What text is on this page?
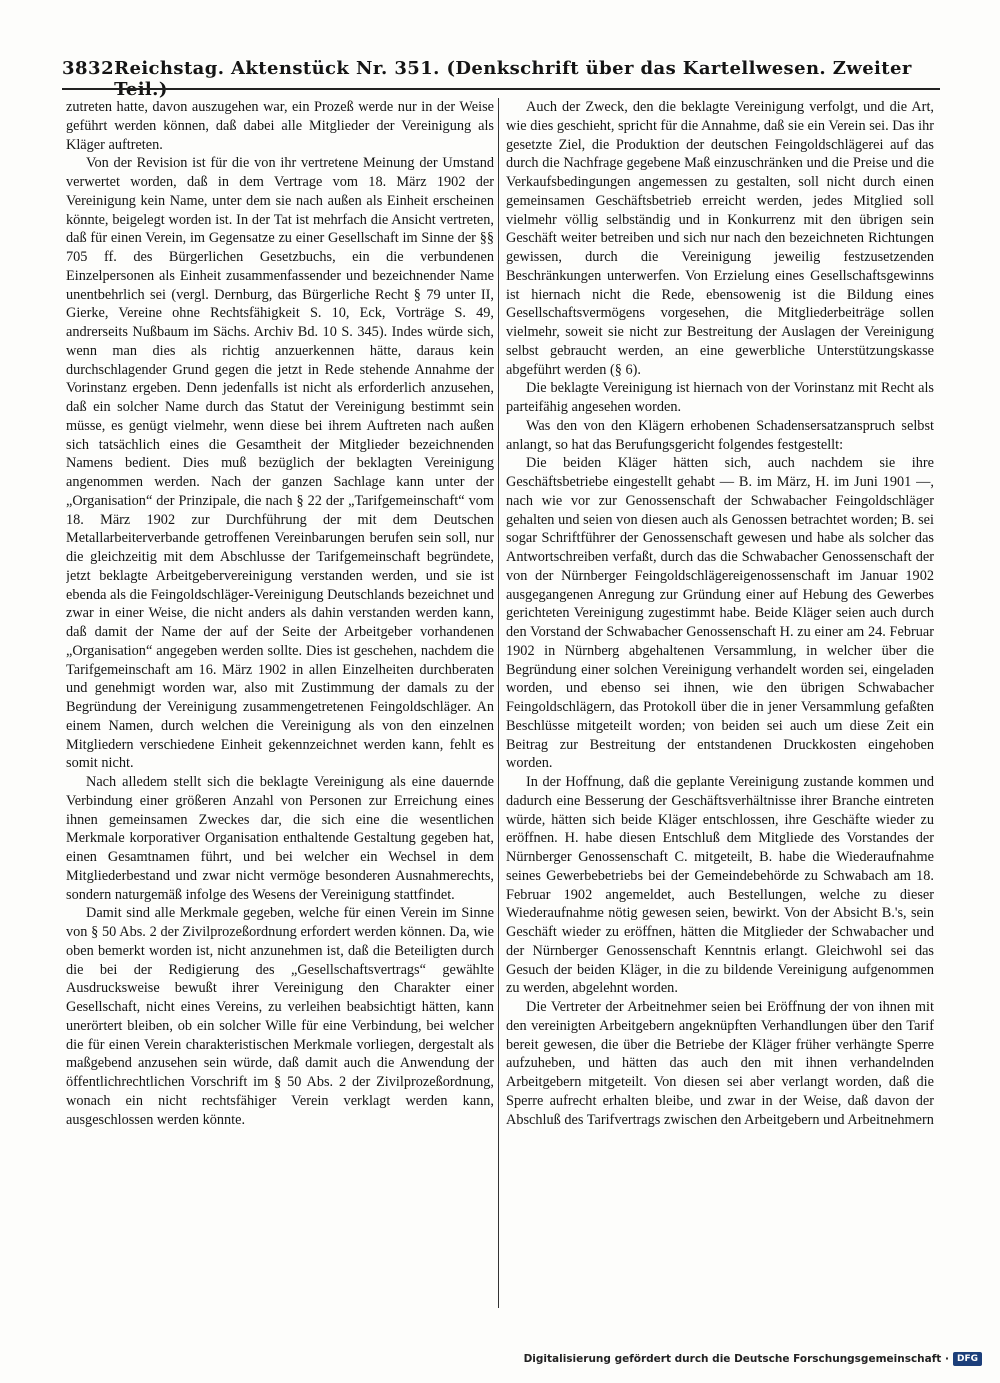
3832 Reichstag. Aktenstück Nr. 351. (Denkschrift über das Kartellwesen. Zweiter Teil.)

zutreten hatte, davon auszugehen war, ein Prozeß werde nur in der Weise geführt werden können, daß dabei alle Mitglieder der Vereinigung als Kläger auftreten.

Von der Revision ist für die von ihr vertretene Meinung der Umstand verwertet worden, daß in dem Vertrage vom 18. März 1902 der Vereinigung kein Name, unter dem sie nach außen als Einheit erscheinen könnte, beigelegt worden ist. In der Tat ist mehrfach die Ansicht vertreten, daß für einen Verein, im Gegensatze zu einer Gesellschaft im Sinne der §§ 705 ff. des Bürgerlichen Gesetzbuchs, ein die verbundenen Einzelpersonen als Einheit zusammenfassender und bezeichnender Name unentbehrlich sei (vergl. Dernburg, das Bürgerliche Recht § 79 unter II, Gierke, Vereine ohne Rechtsfähigkeit S. 10, Eck, Vorträge S. 49, andrerseits Nußbaum im Sächs. Archiv Bd. 10 S. 345). Indes würde sich, wenn man dies als richtig anzuerkennen hätte, daraus kein durchschlagender Grund gegen die jetzt in Rede stehende Annahme der Vorinstanz ergeben. Denn jedenfalls ist nicht als erforderlich anzusehen, daß ein solcher Name durch das Statut der Vereinigung bestimmt sein müsse, es genügt vielmehr, wenn diese bei ihrem Auftreten nach außen sich tatsächlich eines die Gesamtheit der Mitglieder bezeichnenden Namens bedient. Dies muß bezüglich der beklagten Vereinigung angenommen werden. Nach der ganzen Sachlage kann unter der „Organisation“ der Prinzipale, die nach § 22 der „Tarifgemeinschaft“ vom 18. März 1902 zur Durchführung der mit dem Deutschen Metallarbeiterverbande getroffenen Vereinbarungen berufen sein soll, nur die gleichzeitig mit dem Abschlusse der Tarifgemeinschaft begründete, jetzt beklagte Arbeitgebervereinigung verstanden werden, und sie ist ebenda als die Feingoldschläger-Vereinigung Deutschlands bezeichnet und zwar in einer Weise, die nicht anders als dahin verstanden werden kann, daß damit der Name der auf der Seite der Arbeitgeber vorhandenen „Organisation“ angegeben werden sollte. Dies ist geschehen, nachdem die Tarifgemeinschaft am 16. März 1902 in allen Einzelheiten durchberaten und genehmigt worden war, also mit Zustimmung der damals zu der Begründung der Vereinigung zusammengetretenen Feingoldschläger. An einem Namen, durch welchen die Vereinigung als von den einzelnen Mitgliedern verschiedene Einheit gekennzeichnet werden kann, fehlt es somit nicht.

Nach alledem stellt sich die beklagte Vereinigung als eine dauernde Verbindung einer größeren Anzahl von Personen zur Erreichung eines ihnen gemeinsamen Zweckes dar, die sich eine die wesentlichen Merkmale korporativer Organisation enthaltende Gestaltung gegeben hat, einen Gesamtnamen führt, und bei welcher ein Wechsel in dem Mitgliederbestand und zwar nicht vermöge besonderen Ausnahmerechts, sondern naturgemäß infolge des Wesens der Vereinigung stattfindet.

Damit sind alle Merkmale gegeben, welche für einen Verein im Sinne von § 50 Abs. 2 der Zivilprozeßordnung erfordert werden können. Da, wie oben bemerkt worden ist, nicht anzunehmen ist, daß die Beteiligten durch die bei der Redigierung des „Gesellschaftsvertrags“ gewählte Ausdrucksweise bewußt ihrer Vereinigung den Charakter einer Gesellschaft, nicht eines Vereins, zu verleihen beabsichtigt hätten, kann unerörtert bleiben, ob ein solcher Wille für eine Verbindung, bei welcher die für einen Verein charakteristischen Merkmale vorliegen, dergestalt als maßgebend anzusehen sein würde, daß damit auch die Anwendung der öffentlichrechtlichen Vorschrift im § 50 Abs. 2 der Zivilprozeßordnung, wonach ein nicht rechtsfähiger Verein verklagt werden kann, ausgeschlossen werden könnte.

Auch der Zweck, den die beklagte Vereinigung verfolgt, und die Art, wie dies geschieht, spricht für die Annahme, daß sie ein Verein sei. Das ihr gesetzte Ziel, die Produktion der deutschen Feingoldschlägerei auf das durch die Nachfrage gegebene Maß einzuschränken und die Preise und die Verkaufsbedingungen angemessen zu gestalten, soll nicht durch einen gemeinsamen Geschäftsbetrieb erreicht werden, jedes Mitglied soll vielmehr völlig selbständig und in Konkurrenz mit den übrigen sein Geschäft weiter betreiben und sich nur nach den bezeichneten Richtungen gewissen, durch die Vereinigung jeweilig festzusetzenden Beschränkungen unterwerfen. Von Erzielung eines Gesellschaftsgewinns ist hiernach nicht die Rede, ebensowenig ist die Bildung eines Gesellschaftsvermögens vorgesehen, die Mitgliederbeiträge sollen vielmehr, soweit sie nicht zur Bestreitung der Auslagen der Vereinigung selbst gebraucht werden, an eine gewerbliche Unterstützungskasse abgeführt werden (§ 6).

Die beklagte Vereinigung ist hiernach von der Vorinstanz mit Recht als parteifähig angesehen worden.

Was den von den Klägern erhobenen Schadensersatzanspruch selbst anlangt, so hat das Berufungsgericht folgendes festgestellt:

Die beiden Kläger hätten sich, auch nachdem sie ihre Geschäftsbetriebe eingestellt gehabt — B. im März, H. im Juni 1901 —, nach wie vor zur Genossenschaft der Schwabacher Feingoldschläger gehalten und seien von diesen auch als Genossen betrachtet worden; B. sei sogar Schriftführer der Genossenschaft gewesen und habe als solcher das Antwortschreiben verfaßt, durch das die Schwabacher Genossenschaft der von der Nürnberger Feingoldschlägereigenossenschaft im Januar 1902 ausgegangenen Anregung zur Gründung einer auf Hebung des Gewerbes gerichteten Vereinigung zugestimmt habe. Beide Kläger seien auch durch den Vorstand der Schwabacher Genossenschaft H. zu einer am 24. Februar 1902 in Nürnberg abgehaltenen Versammlung, in welcher über die Begründung einer solchen Vereinigung verhandelt worden sei, eingeladen worden, und ebenso sei ihnen, wie den übrigen Schwabacher Feingoldschlägern, das Protokoll über die in jener Versammlung gefaßten Beschlüsse mitgeteilt worden; von beiden sei auch um diese Zeit ein Beitrag zur Bestreitung der entstandenen Druckkosten eingehoben worden.

In der Hoffnung, daß die geplante Vereinigung zustande kommen und dadurch eine Besserung der Geschäftsverhältnisse ihrer Branche eintreten würde, hätten sich beide Kläger entschlossen, ihre Geschäfte wieder zu eröffnen. H. habe diesen Entschluß dem Mitgliede des Vorstandes der Nürnberger Genossenschaft C. mitgeteilt, B. habe die Wiederaufnahme seines Gewerbebetriebs bei der Gemeindebehörde zu Schwabach am 18. Februar 1902 angemeldet, auch Bestellungen, welche zu dieser Wiederaufnahme nötig gewesen seien, bewirkt. Von der Absicht B.'s, sein Geschäft wieder zu eröffnen, hätten die Mitglieder der Schwabacher und der Nürnberger Genossenschaft Kenntnis erlangt. Gleichwohl sei das Gesuch der beiden Kläger, in die zu bildende Vereinigung aufgenommen zu werden, abgelehnt worden.

Die Vertreter der Arbeitnehmer seien bei Eröffnung der von ihnen mit den vereinigten Arbeitgebern angeknüpften Verhandlungen über den Tarif bereit gewesen, die über die Betriebe der Kläger früher verhängte Sperre aufzuheben, und hätten das auch den mit ihnen verhandelnden Arbeitgebern mitgeteilt. Von diesen sei aber verlangt worden, daß die Sperre aufrecht erhalten bleibe, und zwar in der Weise, daß davon der Abschluß des Tarifvertrags zwischen den Arbeitgebern und Arbeitnehmern

Digitalisierung gefördert durch die Deutsche Forschungsgemeinschaft · DFG
